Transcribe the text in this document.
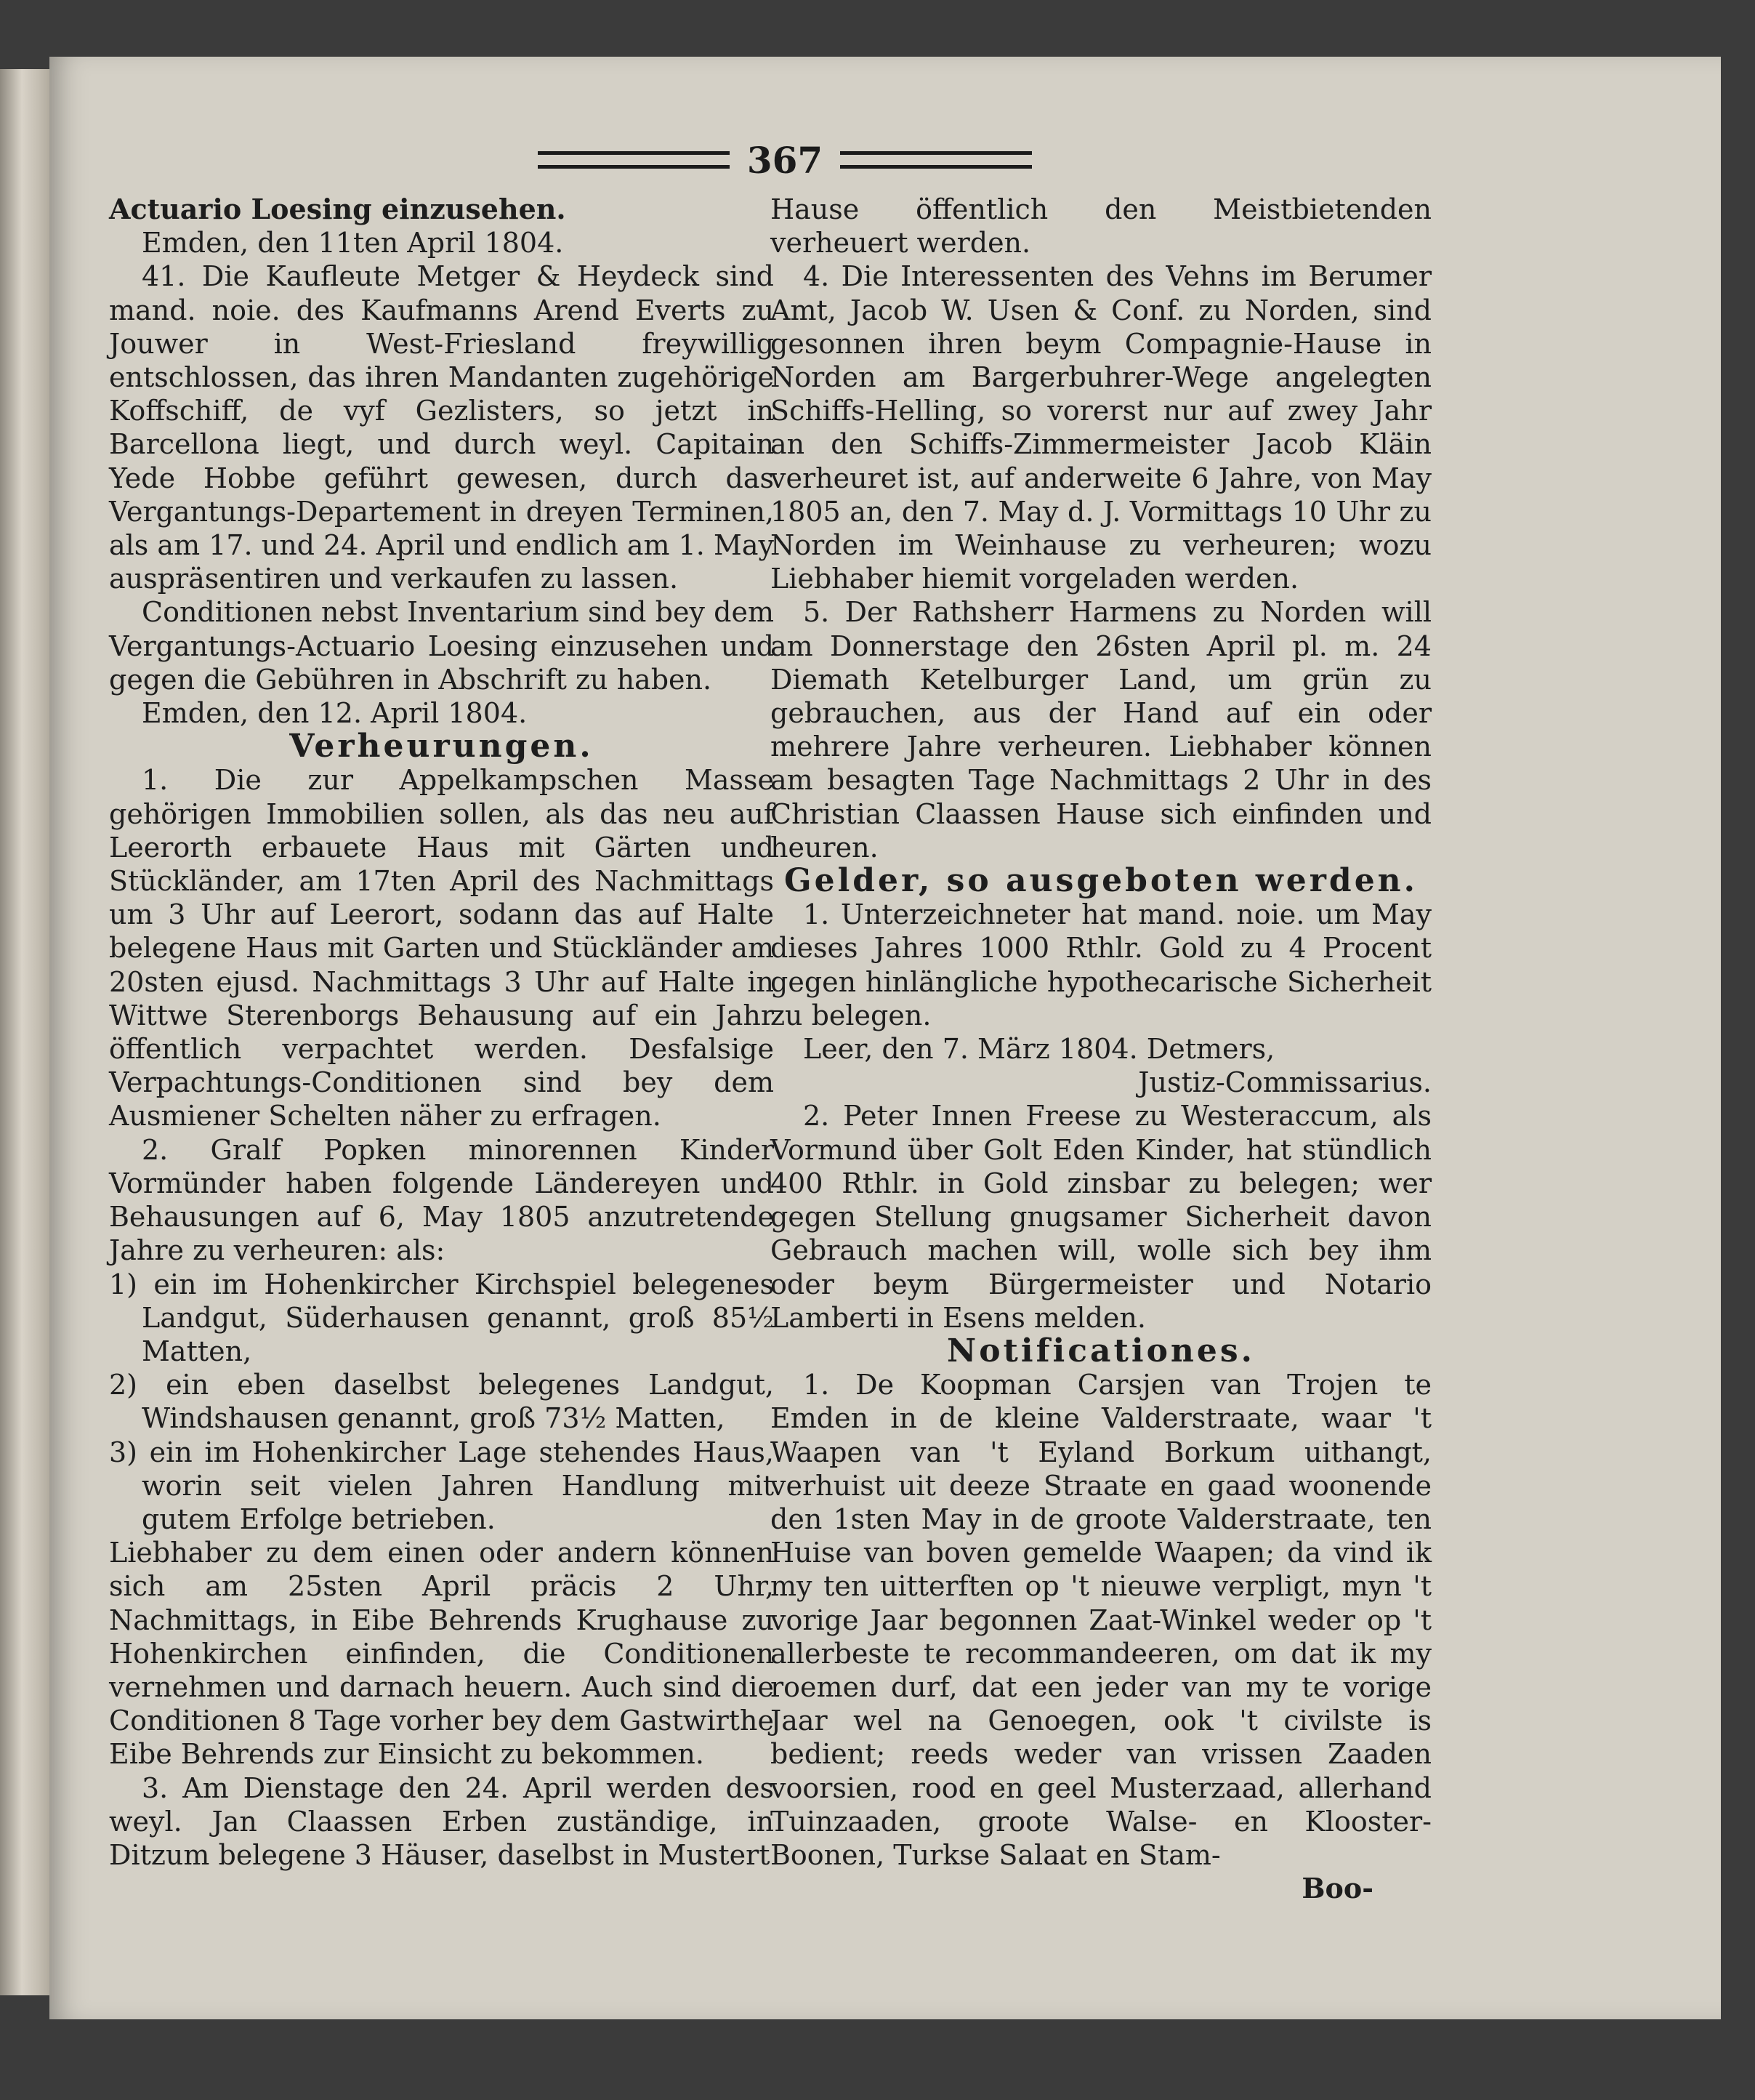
367

Actuario Loesing einzusehen.

Emden, den 11ten April 1804.

41. Die Kaufleute Metger & Heydeck sind mand. noie. des Kaufmanns Arend Everts zu Jouwer in West-Friesland freywillig entschlossen, das ihren Mandanten zugehörige Koffschiff, de vyf Gezlisters, so jetzt in Barcellona liegt, und durch weyl. Capitain Yede Hobbe geführt gewesen, durch das Vergantungs-Departement in dreyen Terminen, als am 17. und 24. April und endlich am 1. May auspräsentiren und verkaufen zu lassen.

Conditionen nebst Inventarium sind bey dem Vergantungs-Actuario Loesing einzusehen und gegen die Gebühren in Abschrift zu haben.

Emden, den 12. April 1804.

Verheurungen.

1. Die zur Appelkampschen Masse gehörigen Immobilien sollen, als das neu auf Leerorth erbauete Haus mit Gärten und Stückländer, am 17ten April des Nachmittags um 3 Uhr auf Leerort, sodann das auf Halte belegene Haus mit Garten und Stückländer am 20sten ejusd. Nachmittags 3 Uhr auf Halte in Wittwe Sterenborgs Behausung auf ein Jahr öffentlich verpachtet werden. Desfalsige Verpachtungs-Conditionen sind bey dem Ausmiener Schelten näher zu erfragen.

2. Gralf Popken minorennen Kinder Vormünder haben folgende Ländereyen und Behausungen auf 6, May 1805 anzutretende Jahre zu verheuren: als:

1) ein im Hohenkircher Kirchspiel belegenes Landgut, Süderhausen genannt, groß 85½ Matten,

2) ein eben daselbst belegenes Landgut, Windshausen genannt, groß 73½ Matten,

3) ein im Hohenkircher Lage stehendes Haus, worin seit vielen Jahren Handlung mit gutem Erfolge betrieben.

Liebhaber zu dem einen oder andern können sich am 25sten April präcis 2 Uhr, Nachmittags, in Eibe Behrends Krughause zu Hohenkirchen einfinden, die Conditionen vernehmen und darnach heuern. Auch sind die Conditionen 8 Tage vorher bey dem Gastwirthe Eibe Behrends zur Einsicht zu bekommen.

3. Am Dienstage den 24. April werden des weyl. Jan Claassen Erben zuständige, in Ditzum belegene 3 Häuser, daselbst in Mustert

Hause öffentlich den Meistbietenden verheuert werden.

4. Die Interessenten des Vehns im Berumer Amt, Jacob W. Usen & Conf. zu Norden, sind gesonnen ihren beym Compagnie-Hause in Norden am Bargerbuhrer-Wege angelegten Schiffs-Helling, so vorerst nur auf zwey Jahr an den Schiffs-Zimmermeister Jacob Kläin verheuret ist, auf anderweite 6 Jahre, von May 1805 an, den 7. May d. J. Vormittags 10 Uhr zu Norden im Weinhause zu verheuren; wozu Liebhaber hiemit vorgeladen werden.

5. Der Rathsherr Harmens zu Norden will am Donnerstage den 26sten April pl. m. 24 Diemath Ketelburger Land, um grün zu gebrauchen, aus der Hand auf ein oder mehrere Jahre verheuren. Liebhaber können am besagten Tage Nachmittags 2 Uhr in des Christian Claassen Hause sich einfinden und heuren.

Gelder, so ausgeboten werden.

1. Unterzeichneter hat mand. noie. um May dieses Jahres 1000 Rthlr. Gold zu 4 Procent gegen hinlängliche hypothecarische Sicherheit zu belegen.

Leer, den 7. März 1804. Detmers,

Justiz-Commissarius.

2. Peter Innen Freese zu Westeraccum, als Vormund über Golt Eden Kinder, hat stündlich 400 Rthlr. in Gold zinsbar zu belegen; wer gegen Stellung gnugsamer Sicherheit davon Gebrauch machen will, wolle sich bey ihm oder beym Bürgermeister und Notario Lamberti in Esens melden.

Notificationes.

1. De Koopman Carsjen van Trojen te Emden in de kleine Valderstraate, waar 't Waapen van 't Eyland Borkum uithangt, verhuist uit deeze Straate en gaad woonende den 1sten May in de groote Valderstraate, ten Huise van boven gemelde Waapen; da vind ik my ten uitterften op 't nieuwe verpligt, myn 't vorige Jaar begonnen Zaat-Winkel weder op 't allerbeste te recommandeeren, om dat ik my roemen durf, dat een jeder van my te vorige Jaar wel na Genoegen, ook 't civilste is bedient; reeds weder van vrissen Zaaden voorsien, rood en geel Musterzaad, allerhand Tuinzaaden, groote Walse- en Klooster-Boonen, Turkse Salaat en Stam-

Boo-
